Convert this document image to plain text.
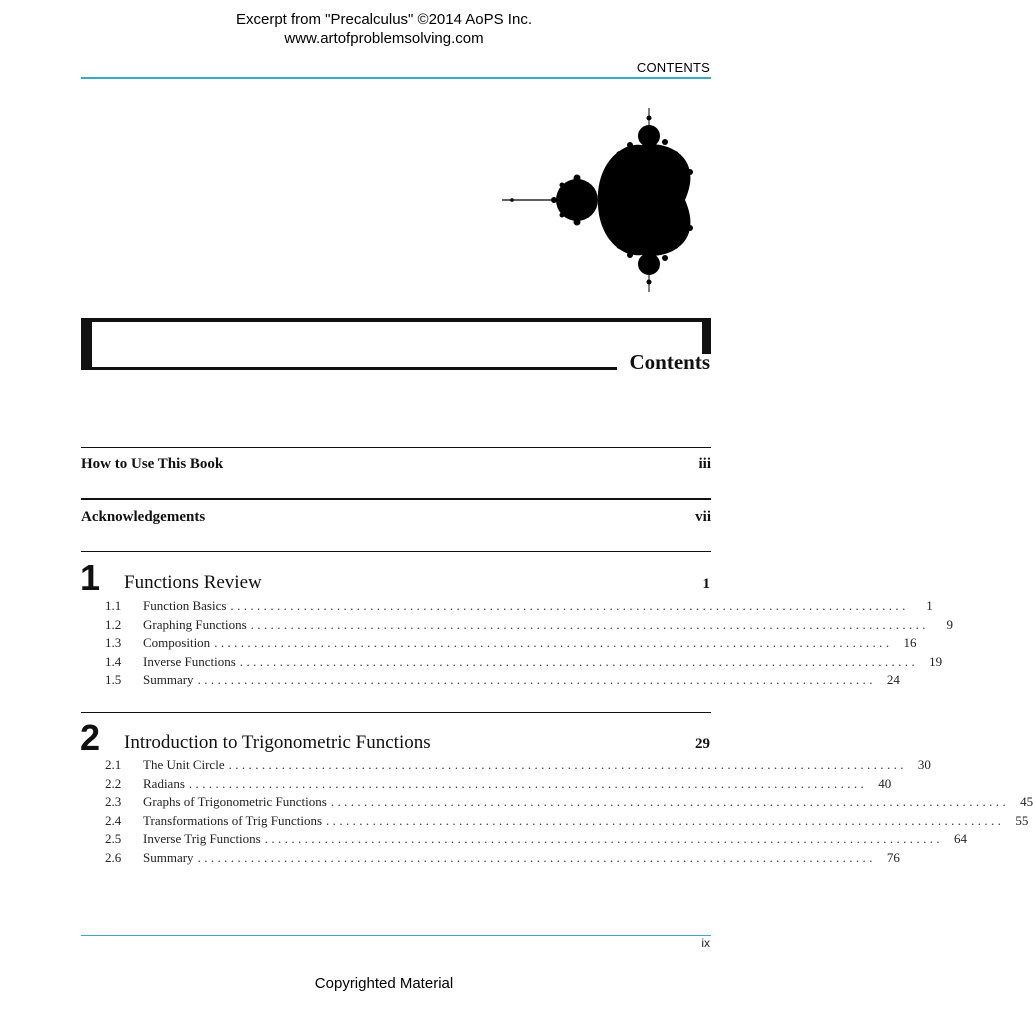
Excerpt from "Precalculus" ©2014 AoPS Inc.
www.artofproblemsolving.com
CONTENTS
Contents
How to Use This Book	iii
Acknowledgements	vii
1 Functions Review	1
1.1 Function Basics ......................................................................................................	1
1.2 Graphing Functions ......................................................................................................	9
1.3 Composition ...................................................................................................... 16
1.4 Inverse Functions ...................................................................................................... 19
1.5 Summary ...................................................................................................... 24
2 Introduction to Trigonometric Functions	29
2.1 The Unit Circle ...................................................................................................... 30
2.2 Radians ...................................................................................................... 40
2.3 Graphs of Trigonometric Functions ...................................................................................................... 45
2.4 Transformations of Trig Functions ...................................................................................................... 55
2.5 Inverse Trig Functions ...................................................................................................... 64
2.6 Summary ...................................................................................................... 76
ix
Copyrighted Material
